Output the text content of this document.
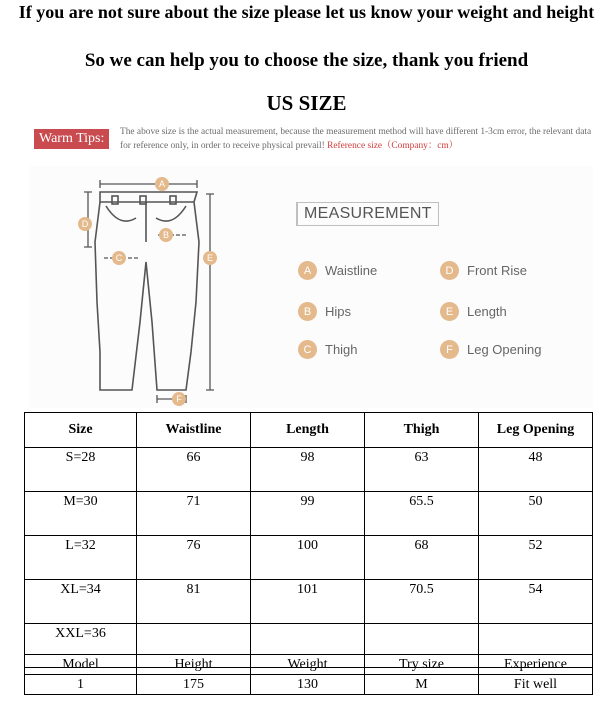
If you are not sure about the size please let us know your weight and height
So we can help you to choose the size, thank you friend
US SIZE
Warm Tips:	The above size is the actual measurement, because the measurement method will have different 1-3cm error, the relevant data for reference only, in order to receive physical prevail! Reference size（Company：cm）
A
B
C
D
E
F
MEASUREMENT
A	Waistline
B	Hips
C	Thigh
D	Front Rise
E	Length
F	Leg Opening
Size	Waistline	Length	Thigh	Leg Opening
S=28	66	98	63	48
M=30	71	99	65.5	50
L=32	76	100	68	52
XL=34	81	101	70.5	54
XXL=36				
Model	Height	Weight	Try size	Experience
1	175	130	M	Fit well
